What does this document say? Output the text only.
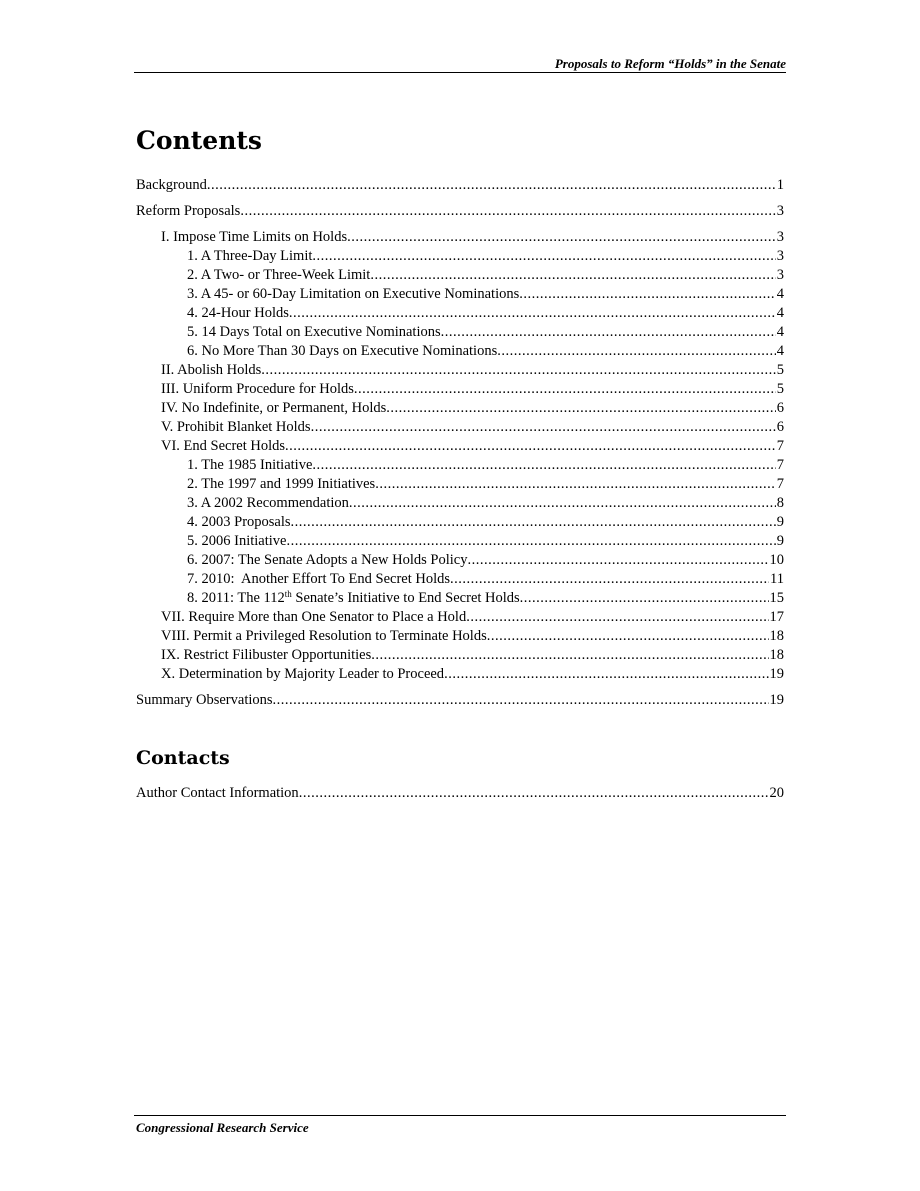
Proposals to Reform “Holds” in the Senate
Contents
Background .....	1
Reform Proposals .....	3
I. Impose Time Limits on Holds .....	3
1. A Three-Day Limit .....	3
2. A Two- or Three-Week Limit .....	3
3. A 45- or 60-Day Limitation on Executive Nominations .....	4
4. 24-Hour Holds .....	4
5. 14 Days Total on Executive Nominations .....	4
6. No More Than 30 Days on Executive Nominations .....	4
II. Abolish Holds .....	5
III. Uniform Procedure for Holds .....	5
IV. No Indefinite, or Permanent, Holds .....	6
V. Prohibit Blanket Holds .....	6
VI. End Secret Holds .....	7
1. The 1985 Initiative .....	7
2. The 1997 and 1999 Initiatives .....	7
3. A 2002 Recommendation .....	8
4. 2003 Proposals .....	9
5. 2006 Initiative .....	9
6. 2007: The Senate Adopts a New Holds Policy .....	10
7. 2010:  Another Effort To End Secret Holds .....	11
8. 2011: The 112th Senate’s Initiative to End Secret Holds .....	15
VII. Require More than One Senator to Place a Hold .....	17
VIII. Permit a Privileged Resolution to Terminate Holds .....	18
IX. Restrict Filibuster Opportunities .....	18
X. Determination by Majority Leader to Proceed .....	19
Summary Observations .....	19
Contacts
Author Contact Information .....	20
Congressional Research Service
